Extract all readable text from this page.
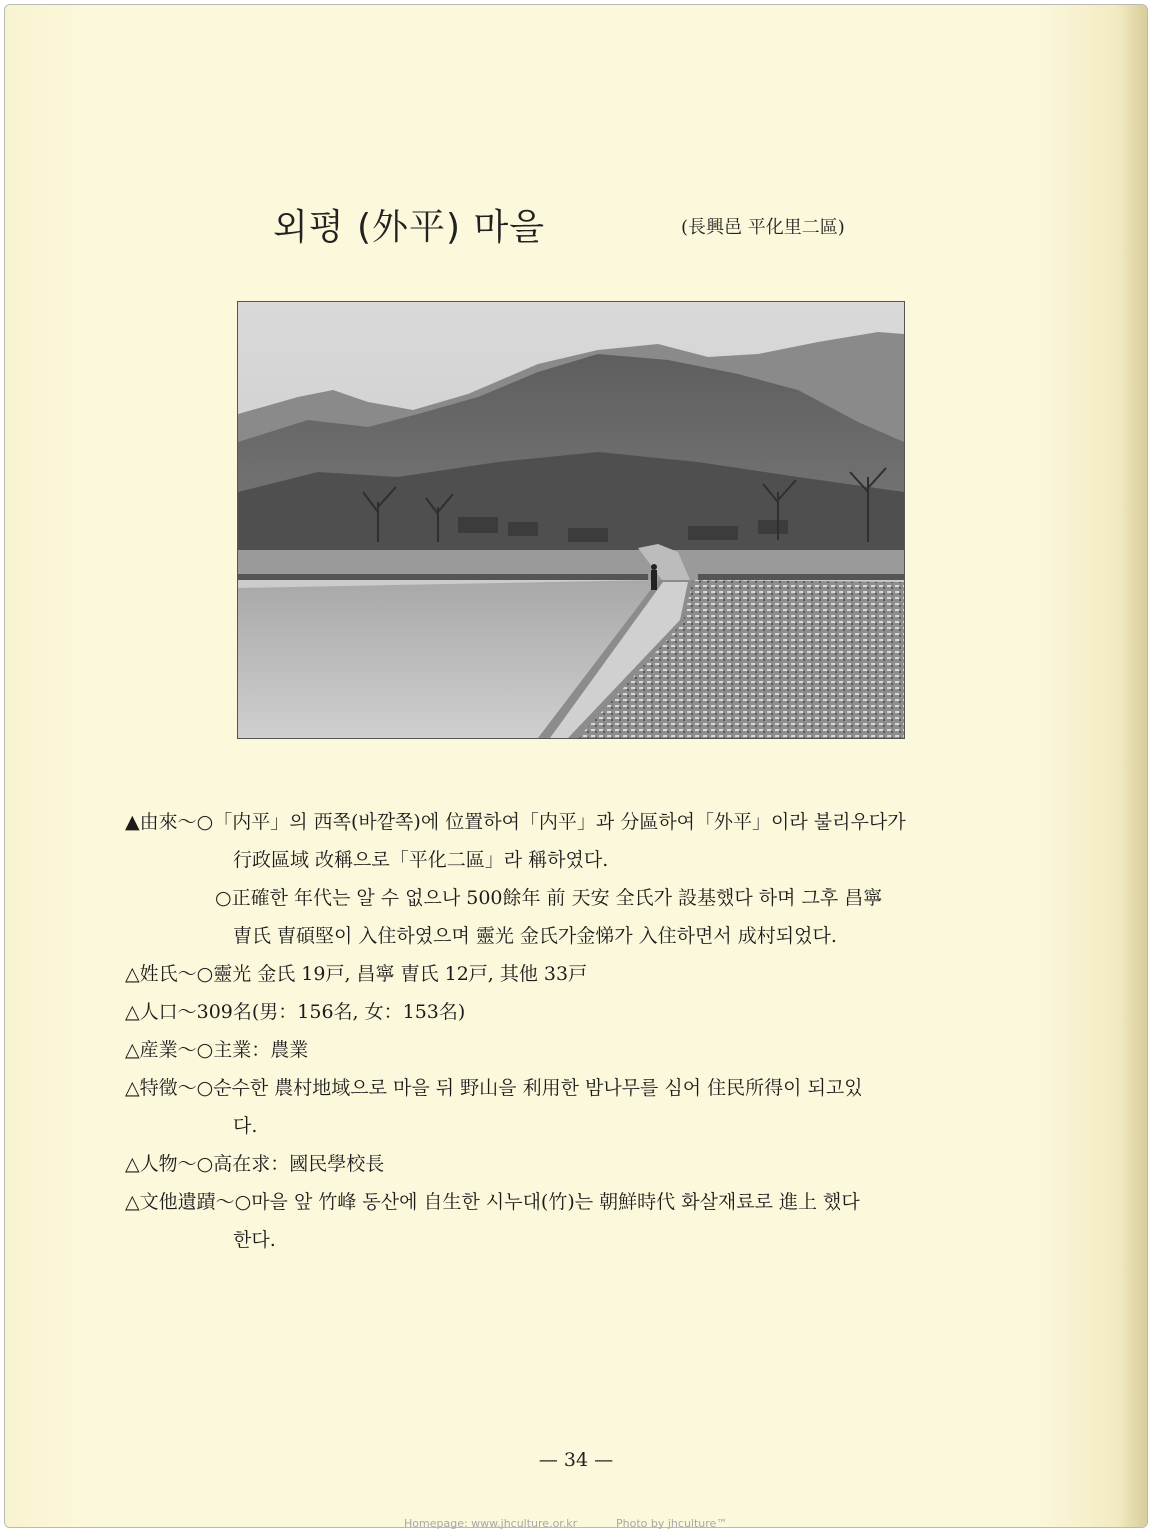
외평 (外平) 마을	(長興邑 平化里二區)
▲由來～○「内平」의 西쪽(바깥쪽)에 位置하여「内平」과 分區하여「外平」이라 불리우다가
行政區域 改稱으로「平化二區」라 稱하였다.
○正確한 年代는 알 수 없으나 500餘年 前 天安 全氏가 設基했다 하며 그후 昌寧
曺氏 曺碩堅이 入住하였으며 靈光 金氏가金悌가 入住하면서 成村되었다.
△姓氏～○靈光 金氏 19戸, 昌寧 曺氏 12戸, 其他 33戸
△人口～309名(男：156名, 女：153名)
△産業～○主業：農業
△特徵～○순수한 農村地域으로 마을 뒤 野山을 利用한 밤나무를 심어 住民所得이 되고있
다.
△人物～○高在求：國民學校長
△文他遺蹟～○마을 앞 竹峰 동산에 自生한 시누대(竹)는 朝鮮時代 화살재료로 進上 했다
한다.
— 34 —
Homepage: www.jhculture.or.kr	Photo by jhculture™
